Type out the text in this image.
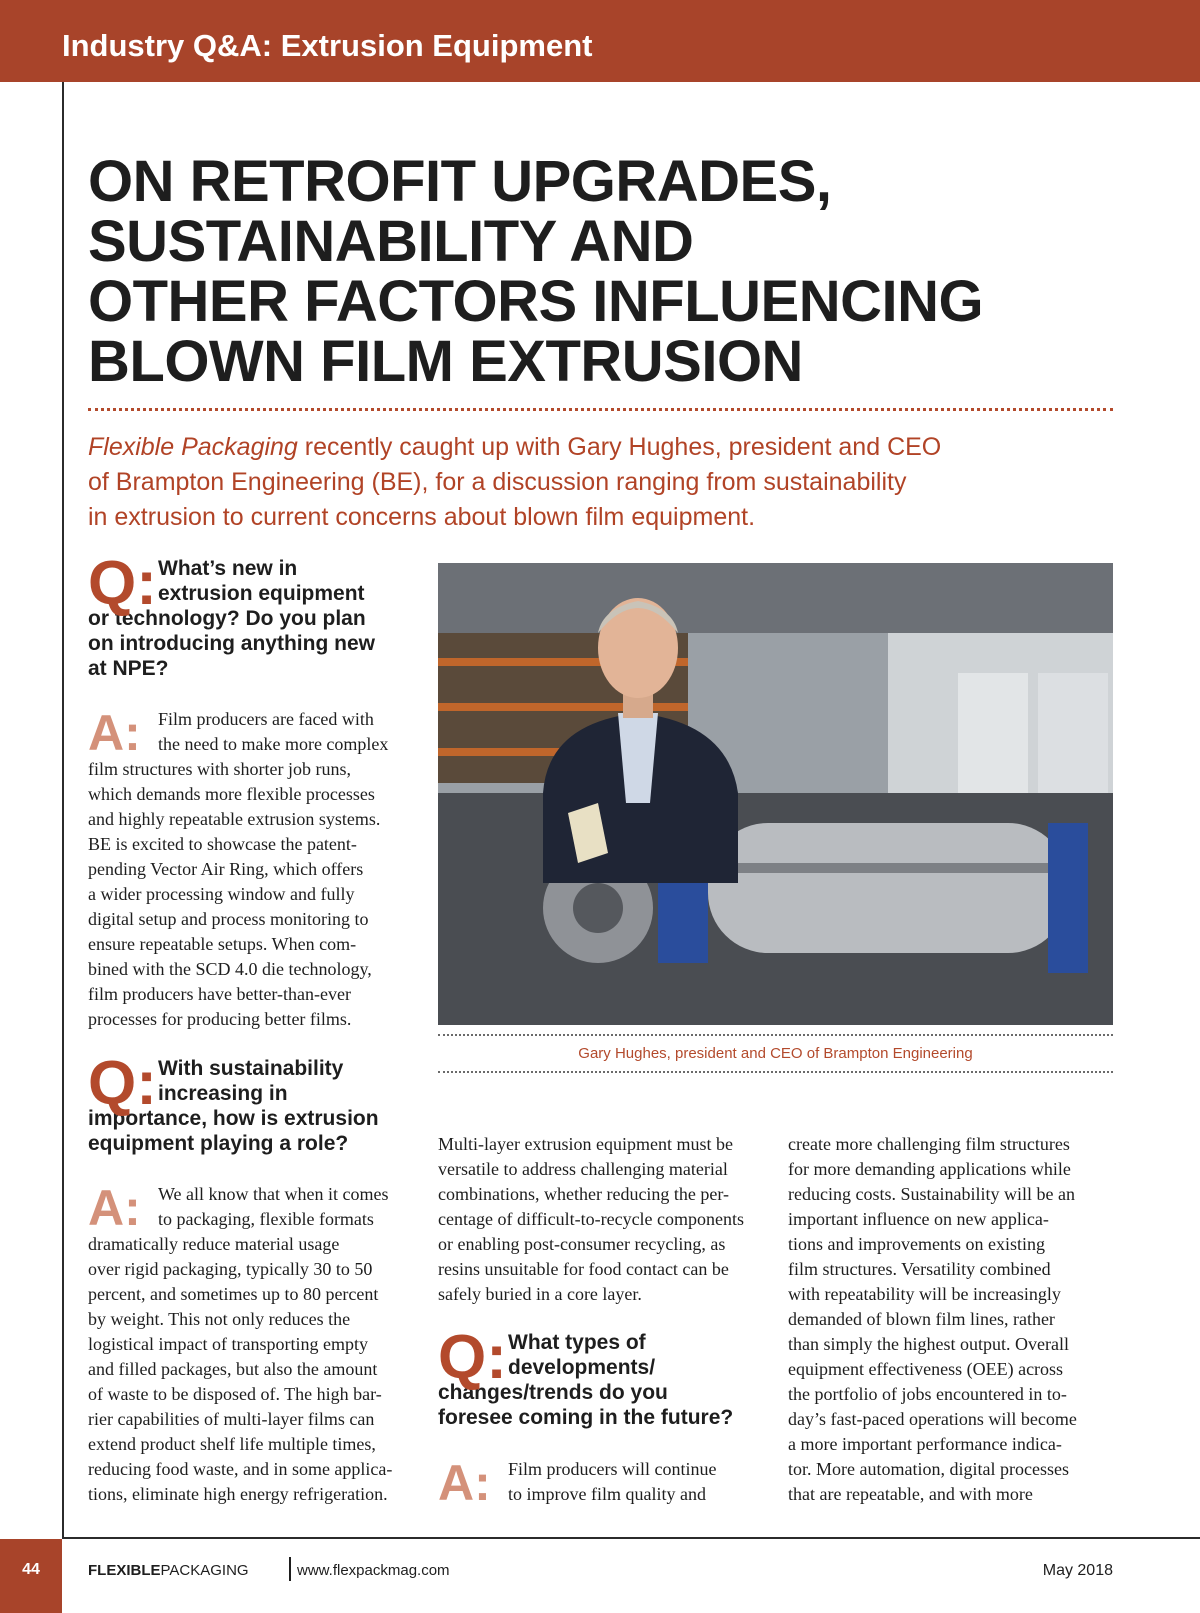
Industry Q&A: Extrusion Equipment
ON RETROFIT UPGRADES,
SUSTAINABILITY AND
OTHER FACTORS INFLUENCING
BLOWN FILM EXTRUSION
Flexible Packaging recently caught up with Gary Hughes, president and CEO
of Brampton Engineering (BE), for a discussion ranging from sustainability
in extrusion to current concerns about blown film equipment.
Q: What’s new in
extrusion equipment
or technology? Do you plan
on introducing anything new
at NPE?
A: Film producers are faced with
the need to make more complex
film structures with shorter job runs,
which demands more flexible processes
and highly repeatable extrusion systems.
BE is excited to showcase the patent-
pending Vector Air Ring, which offers
a wider processing window and fully
digital setup and process monitoring to
ensure repeatable setups. When com-
bined with the SCD 4.0 die technology,
film producers have better-than-ever
processes for producing better films.
Q: With sustainability
increasing in
importance, how is extrusion
equipment playing a role?
A: We all know that when it comes
to packaging, flexible formats
dramatically reduce material usage
over rigid packaging, typically 30 to 50
percent, and sometimes up to 80 percent
by weight. This not only reduces the
logistical impact of transporting empty
and filled packages, but also the amount
of waste to be disposed of. The high bar-
rier capabilities of multi-layer films can
extend product shelf life multiple times,
reducing food waste, and in some applica-
tions, eliminate high energy refrigeration.
Gary Hughes, president and CEO of Brampton Engineering
Multi-layer extrusion equipment must be
versatile to address challenging material
combinations, whether reducing the per-
centage of difficult-to-recycle components
or enabling post-consumer recycling, as
resins unsuitable for food contact can be
safely buried in a core layer.
Q: What types of
developments/
changes/trends do you
foresee coming in the future?
A: Film producers will continue
to improve film quality and
create more challenging film structures
for more demanding applications while
reducing costs. Sustainability will be an
important influence on new applica-
tions and improvements on existing
film structures. Versatility combined
with repeatability will be increasingly
demanded of blown film lines, rather
than simply the highest output. Overall
equipment effectiveness (OEE) across
the portfolio of jobs encountered in to-
day’s fast-paced operations will become
a more important performance indica-
tor. More automation, digital processes
that are repeatable, and with more
44	FLEXIBLEPACKAGING	www.flexpackmag.com	May 2018
